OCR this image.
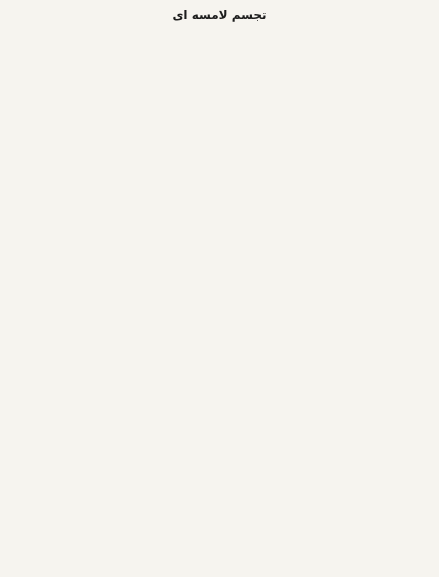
تجسم لامسه ای
